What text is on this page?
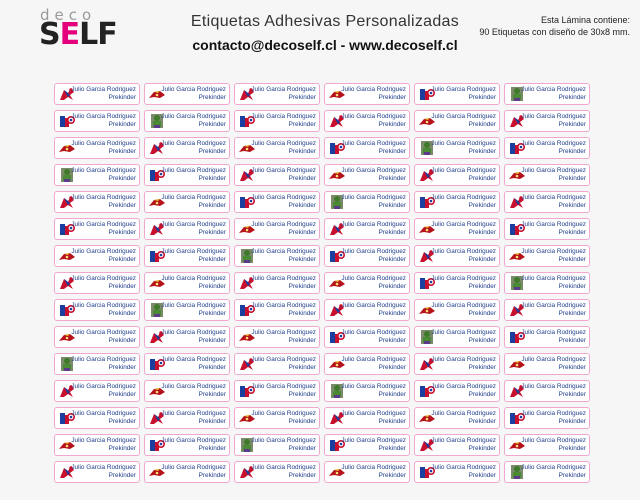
deco
SELF	Etiquetas Adhesivas Personalizadas
contacto@decoself.cl - www.decoself.cl
Esta Lámina contiene:
90 Etiquetas con diseño de 30x8 mm.
Julio Garcia Rodriguez
Prekinder
Julio Garcia Rodriguez
Prekinder
Julio Garcia Rodriguez
Prekinder
Julio Garcia Rodriguez
Prekinder
Julio Garcia Rodriguez
Prekinder
Julio Garcia Rodriguez
Prekinder
Julio Garcia Rodriguez
Prekinder
Julio Garcia Rodriguez
Prekinder
Julio Garcia Rodriguez
Prekinder
Julio Garcia Rodriguez
Prekinder
Julio Garcia Rodriguez
Prekinder
Julio Garcia Rodriguez
Prekinder
Julio Garcia Rodriguez
Prekinder
Julio Garcia Rodriguez
Prekinder
Julio Garcia Rodriguez
Prekinder
Julio Garcia Rodriguez
Prekinder
Julio Garcia Rodriguez
Prekinder
Julio Garcia Rodriguez
Prekinder
Julio Garcia Rodriguez
Prekinder
Julio Garcia Rodriguez
Prekinder
Julio Garcia Rodriguez
Prekinder
Julio Garcia Rodriguez
Prekinder
Julio Garcia Rodriguez
Prekinder
Julio Garcia Rodriguez
Prekinder
Julio Garcia Rodriguez
Prekinder
Julio Garcia Rodriguez
Prekinder
Julio Garcia Rodriguez
Prekinder
Julio Garcia Rodriguez
Prekinder
Julio Garcia Rodriguez
Prekinder
Julio Garcia Rodriguez
Prekinder
Julio Garcia Rodriguez
Prekinder
Julio Garcia Rodriguez
Prekinder
Julio Garcia Rodriguez
Prekinder
Julio Garcia Rodriguez
Prekinder
Julio Garcia Rodriguez
Prekinder
Julio Garcia Rodriguez
Prekinder
Julio Garcia Rodriguez
Prekinder
Julio Garcia Rodriguez
Prekinder
Julio Garcia Rodriguez
Prekinder
Julio Garcia Rodriguez
Prekinder
Julio Garcia Rodriguez
Prekinder
Julio Garcia Rodriguez
Prekinder
Julio Garcia Rodriguez
Prekinder
Julio Garcia Rodriguez
Prekinder
Julio Garcia Rodriguez
Prekinder
Julio Garcia Rodriguez
Prekinder
Julio Garcia Rodriguez
Prekinder
Julio Garcia Rodriguez
Prekinder
Julio Garcia Rodriguez
Prekinder
Julio Garcia Rodriguez
Prekinder
Julio Garcia Rodriguez
Prekinder
Julio Garcia Rodriguez
Prekinder
Julio Garcia Rodriguez
Prekinder
Julio Garcia Rodriguez
Prekinder
Julio Garcia Rodriguez
Prekinder
Julio Garcia Rodriguez
Prekinder
Julio Garcia Rodriguez
Prekinder
Julio Garcia Rodriguez
Prekinder
Julio Garcia Rodriguez
Prekinder
Julio Garcia Rodriguez
Prekinder
Julio Garcia Rodriguez
Prekinder
Julio Garcia Rodriguez
Prekinder
Julio Garcia Rodriguez
Prekinder
Julio Garcia Rodriguez
Prekinder
Julio Garcia Rodriguez
Prekinder
Julio Garcia Rodriguez
Prekinder
Julio Garcia Rodriguez
Prekinder
Julio Garcia Rodriguez
Prekinder
Julio Garcia Rodriguez
Prekinder
Julio Garcia Rodriguez
Prekinder
Julio Garcia Rodriguez
Prekinder
Julio Garcia Rodriguez
Prekinder
Julio Garcia Rodriguez
Prekinder
Julio Garcia Rodriguez
Prekinder
Julio Garcia Rodriguez
Prekinder
Julio Garcia Rodriguez
Prekinder
Julio Garcia Rodriguez
Prekinder
Julio Garcia Rodriguez
Prekinder
Julio Garcia Rodriguez
Prekinder
Julio Garcia Rodriguez
Prekinder
Julio Garcia Rodriguez
Prekinder
Julio Garcia Rodriguez
Prekinder
Julio Garcia Rodriguez
Prekinder
Julio Garcia Rodriguez
Prekinder
Julio Garcia Rodriguez
Prekinder
Julio Garcia Rodriguez
Prekinder
Julio Garcia Rodriguez
Prekinder
Julio Garcia Rodriguez
Prekinder
Julio Garcia Rodriguez
Prekinder
Julio Garcia Rodriguez
Prekinder
